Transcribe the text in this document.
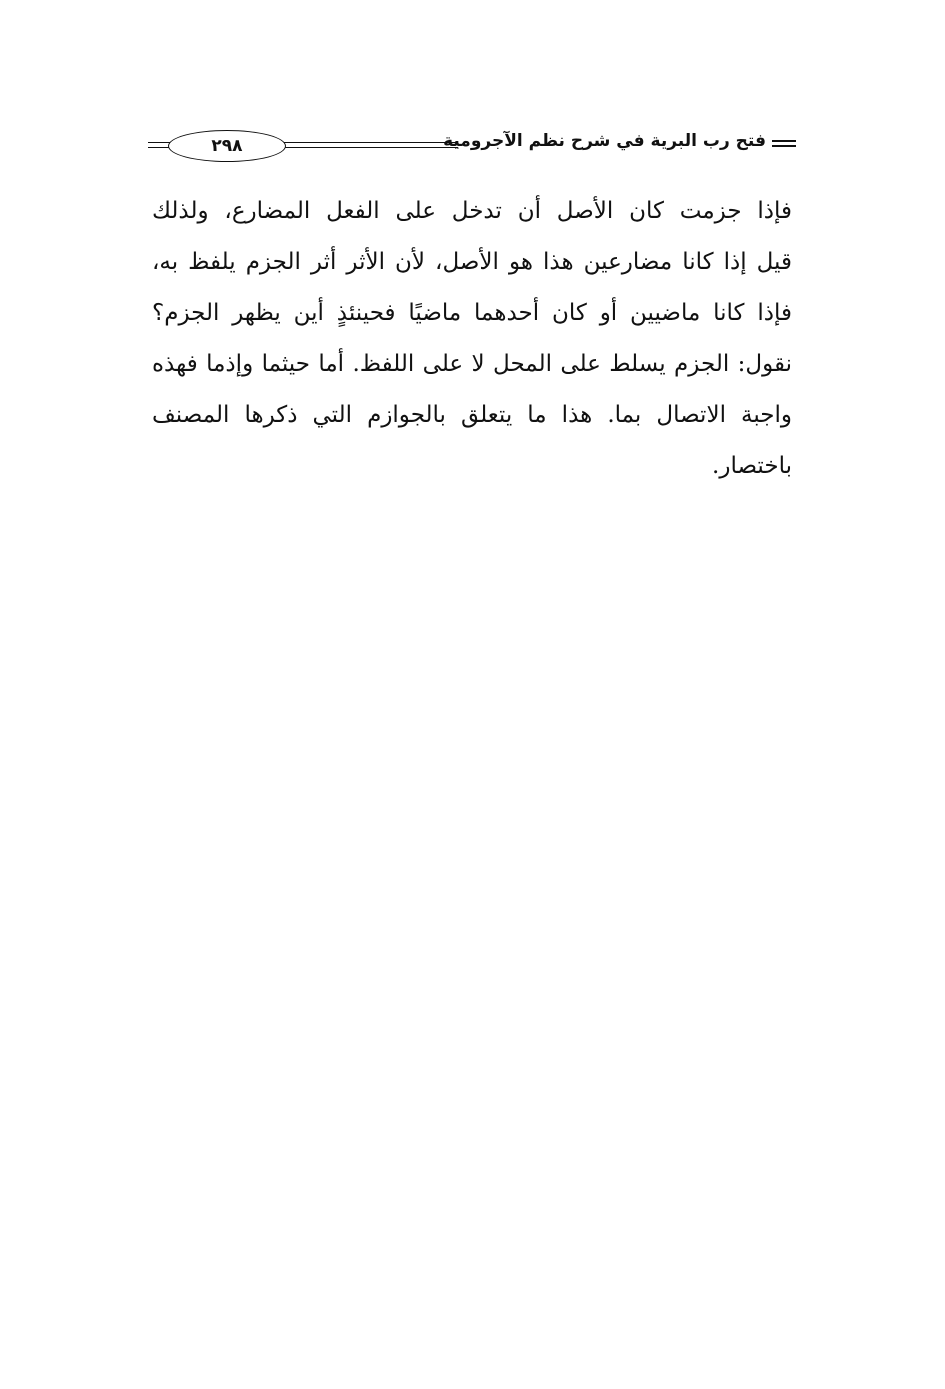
فتح رب البرية في شرح نظم الآجرومية
٢٩٨
فإذا جزمت كان الأصل أن تدخل على الفعل المضارع، ولذلك
قيل إذا كانا مضارعين هذا هو الأصل، لأن الأثر أثر الجزم يلفظ به،
فإذا كانا ماضيين أو كان أحدهما ماضيًا فحينئذٍ أين يظهر الجزم؟
نقول: الجزم يسلط على المحل لا على اللفظ. أما حيثما وإذما فهذه
واجبة الاتصال بما. هذا ما يتعلق بالجوازم التي ذكرها المصنف
باختصار.
